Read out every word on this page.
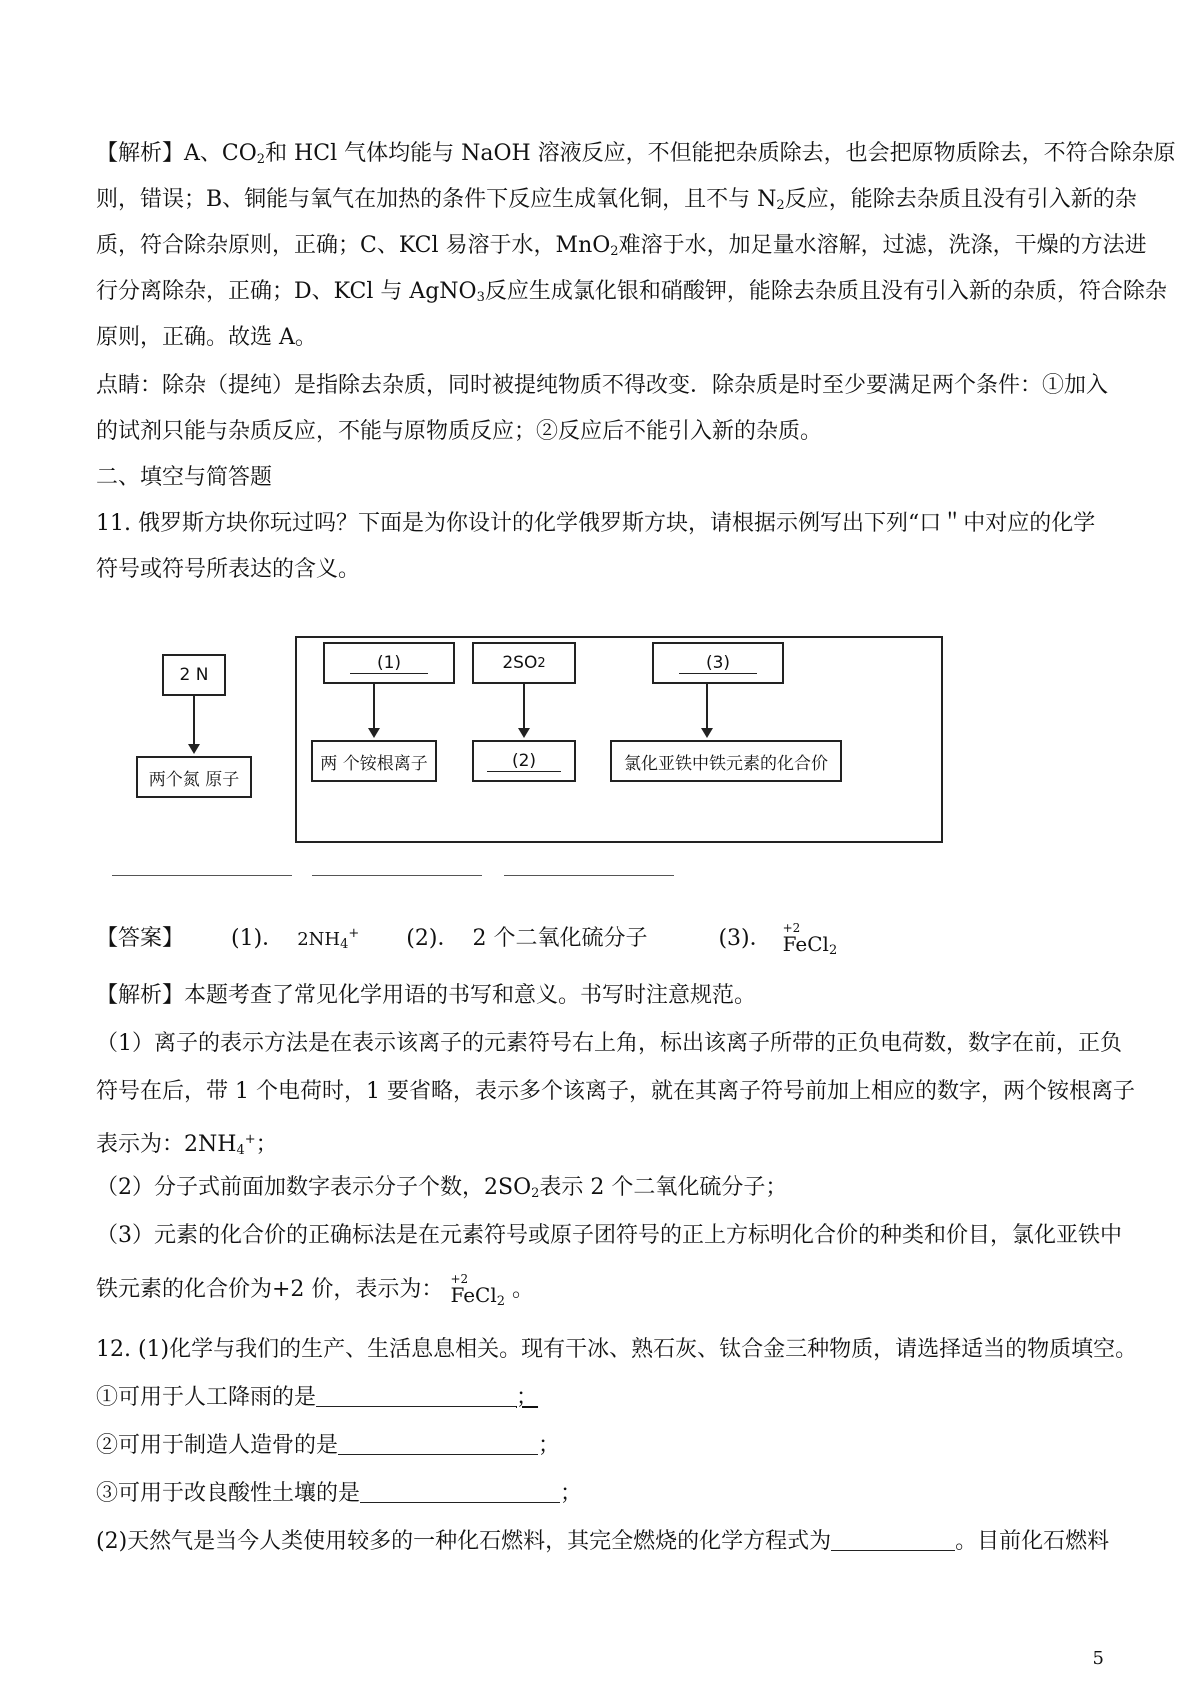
【解析】A、$CO_2$和 HCl 气体均能与 NaOH 溶液反应，不但能把杂质除去，也会把原物质除去，不符合除杂原
则，错误；B、铜能与氧气在加热的条件下反应生成氧化铜，且不与 $N_2$反应，能除去杂质且没有引入新的杂
质，符合除杂原则，正确；C、KCl 易溶于水，MnO$_2$难溶于水，加足量水溶解，过滤，洗涤，干燥的方法进
行分离除杂，正确；D、KCl 与 AgNO$_3$反应生成氯化银和硝酸钾，能除去杂质且没有引入新的杂质，符合除杂
原则，正确。故选 A。
点睛：除杂（提纯）是指除去杂质，同时被提纯物质不得改变．除杂质是时至少要满足两个条件：①加入
的试剂只能与杂质反应，不能与原物质反应；②反应后不能引入新的杂质。
二、填空与简答题
11. 俄罗斯方块你玩过吗？下面是为你设计的化学俄罗斯方块，请根据示例写出下列“口＂中对应的化学
符号或符号所表达的含义。
2 N
两个氮 原子
(1)
两 个铵根离子
2SO 2
(2)
(3)
氯化亚铁中铁元素的化合价
【答案】 (1)． $2NH_4^+$ (2)． 2 个二氧化硫分子	(3)． +2
FeCl$_2$
【解析】本题考查了常见化学用语的书写和意义。书写时注意规范。
（1）离子的表示方法是在表示该离子的元素符号右上角，标出该离子所带的正负电荷数，数字在前，正负
符号在后，带 1 个电荷时，1 要省略，表示多个该离子，就在其离子符号前加上相应的数字，两个铵根离子
表示为：$2NH_4^+$；
（2）分子式前面加数字表示分子个数，$2SO_2$表示 2 个二氧化硫分子；
（3）元素的化合价的正确标法是在元素符号或原子团符号的正上方标明化合价的种类和价目，氯化亚铁中
铁元素的化合价为+2 价，表示为： +2
FeCl$_2$ 。
12. (1)化学与我们的生产、生活息息相关。现有干冰、熟石灰、钛合金三种物质，请选择适当的物质填空。
①可用于人工降雨的是	；
②可用于制造人造骨的是	；
③可用于改良酸性土壤的是	；
(2)天然气是当今人类使用较多的一种化石燃料，其完全燃烧的化学方程式为	。目前化石燃料
5
